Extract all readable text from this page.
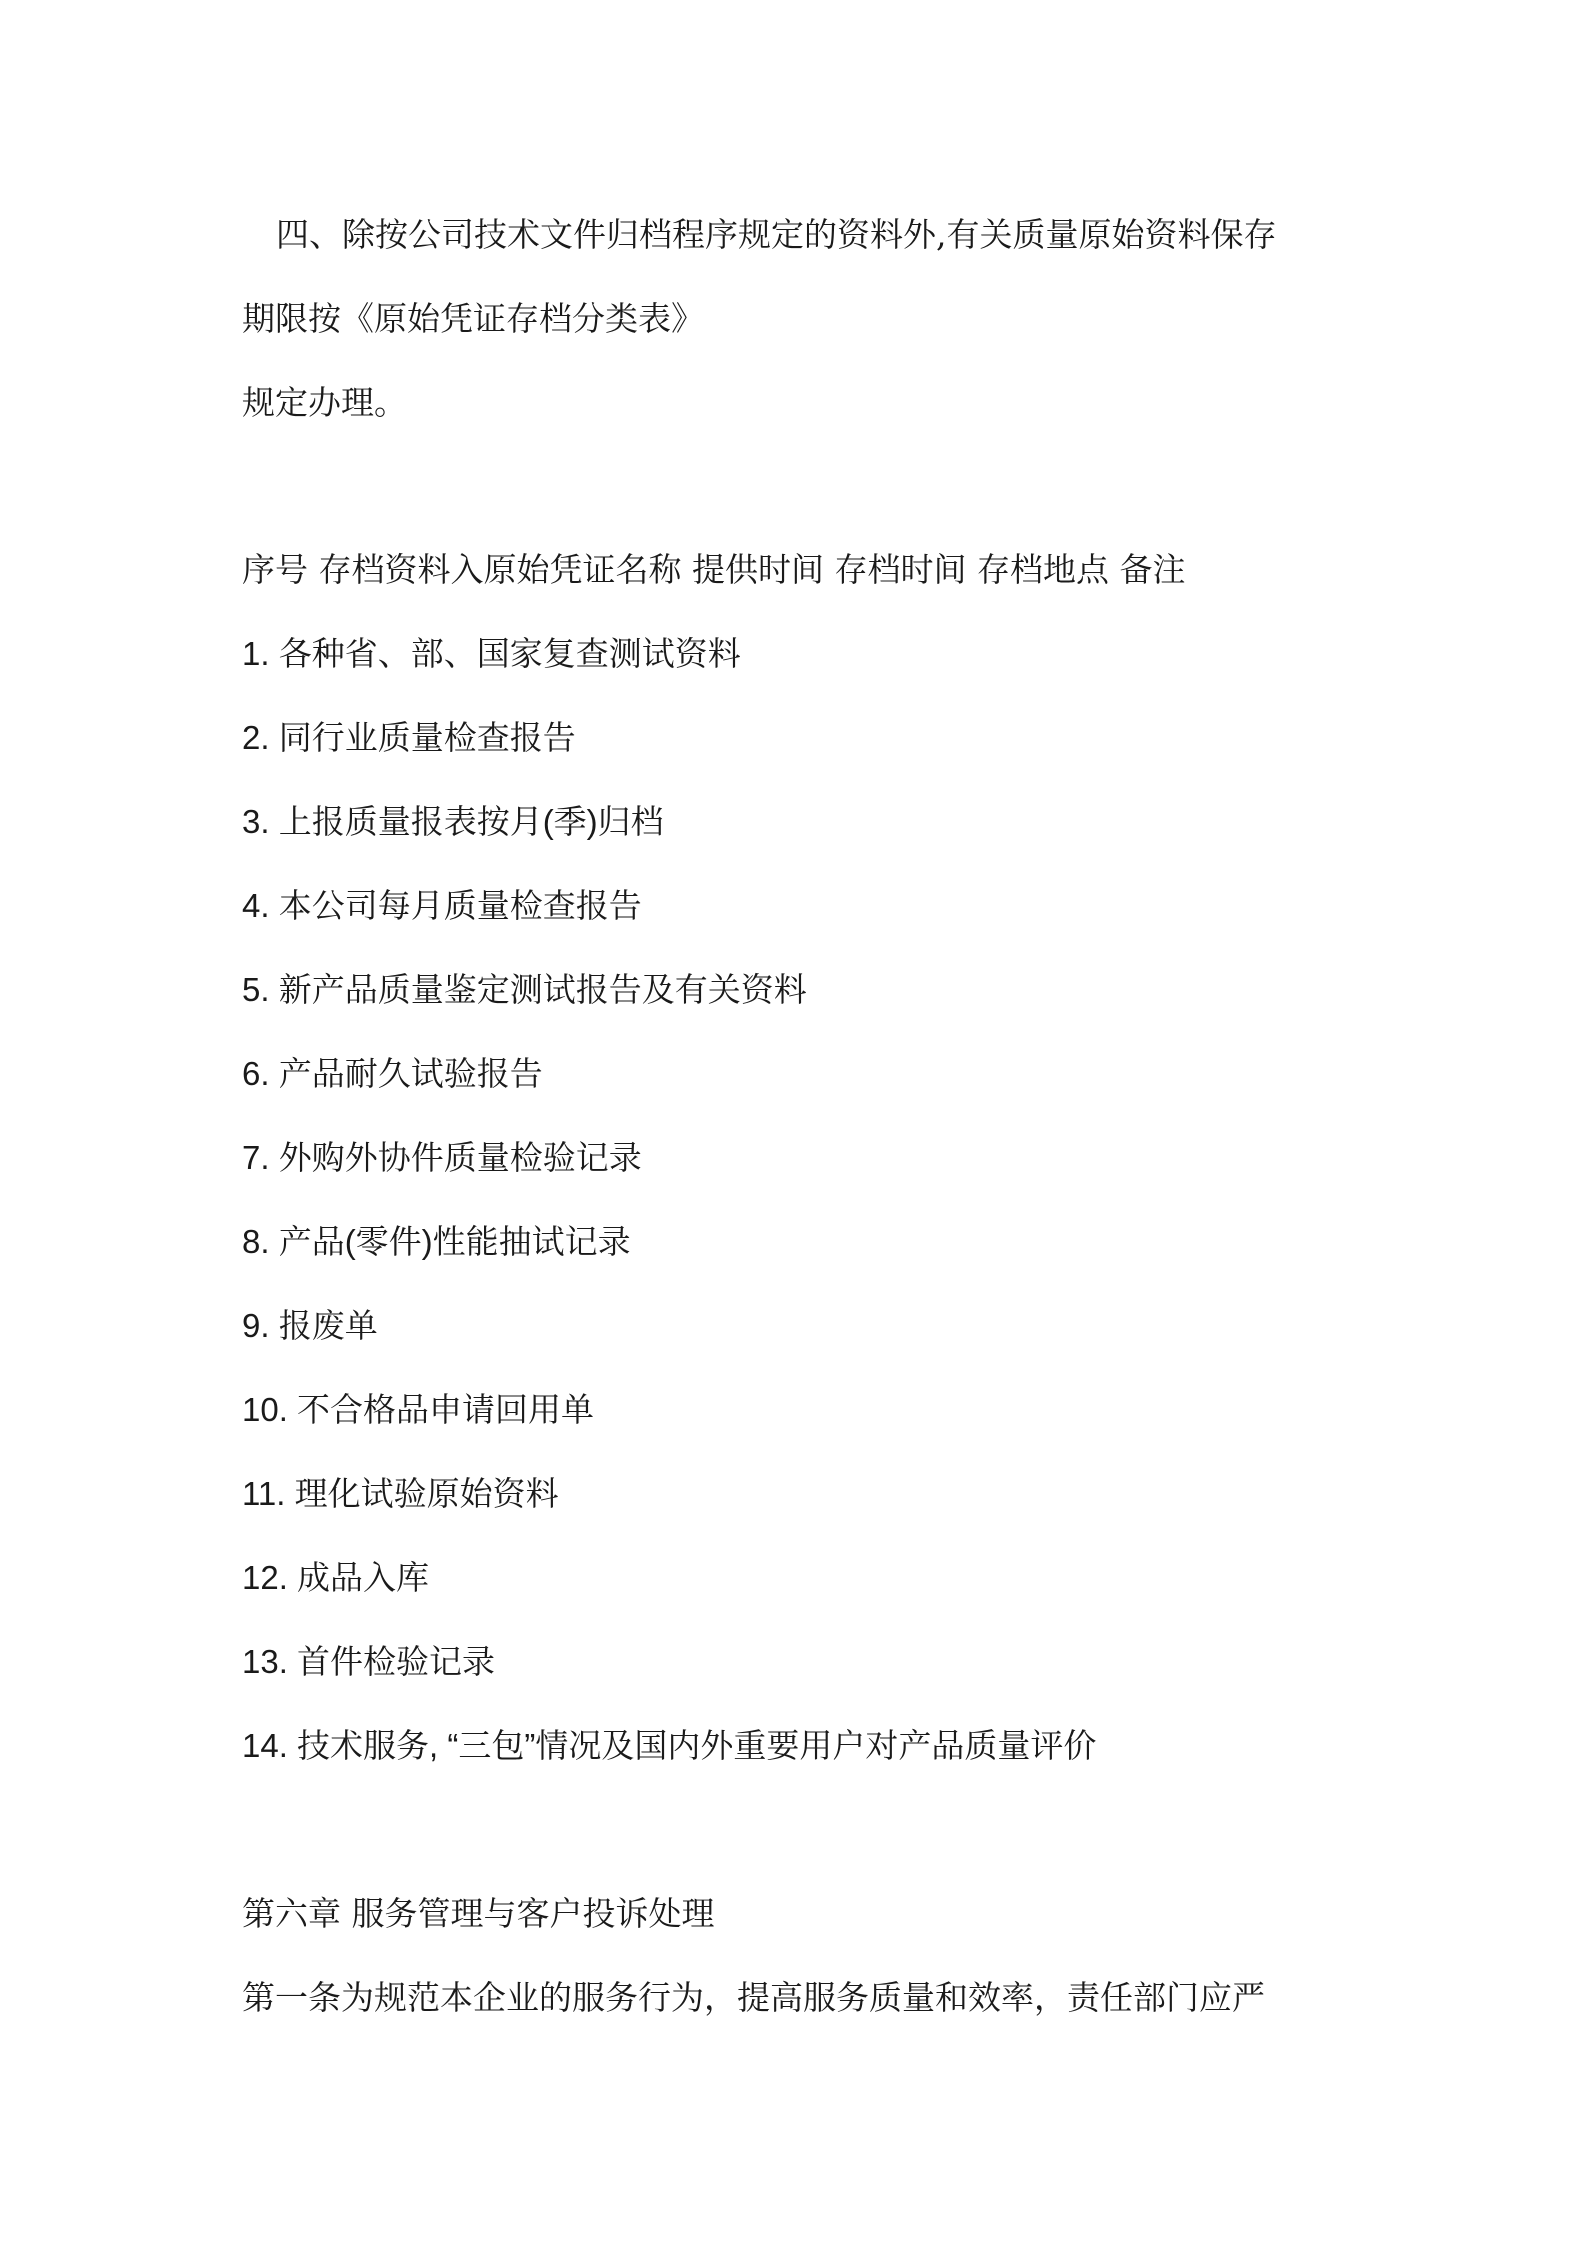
四、除按公司技术文件归档程序规定的资料外,有关质量原始资料保存
期限按《原始凭证存档分类表》
规定办理。
序号 存档资料入原始凭证名称 提供时间 存档时间 存档地点 备注
1. 各种省、部、国家复查测试资料
2. 同行业质量检查报告
3. 上报质量报表按月(季)归档
4. 本公司每月质量检查报告
5. 新产品质量鉴定测试报告及有关资料
6. 产品耐久试验报告
7. 外购外协件质量检验记录
8. 产品(零件)性能抽试记录
9. 报废单
10. 不合格品申请回用单
11. 理化试验原始资料
12. 成品入库
13. 首件检验记录
14. 技术服务, “三包”情况及国内外重要用户对产品质量评价
第六章 服务管理与客户投诉处理
第一条为规范本企业的服务行为，提高服务质量和效率，责任部门应严
